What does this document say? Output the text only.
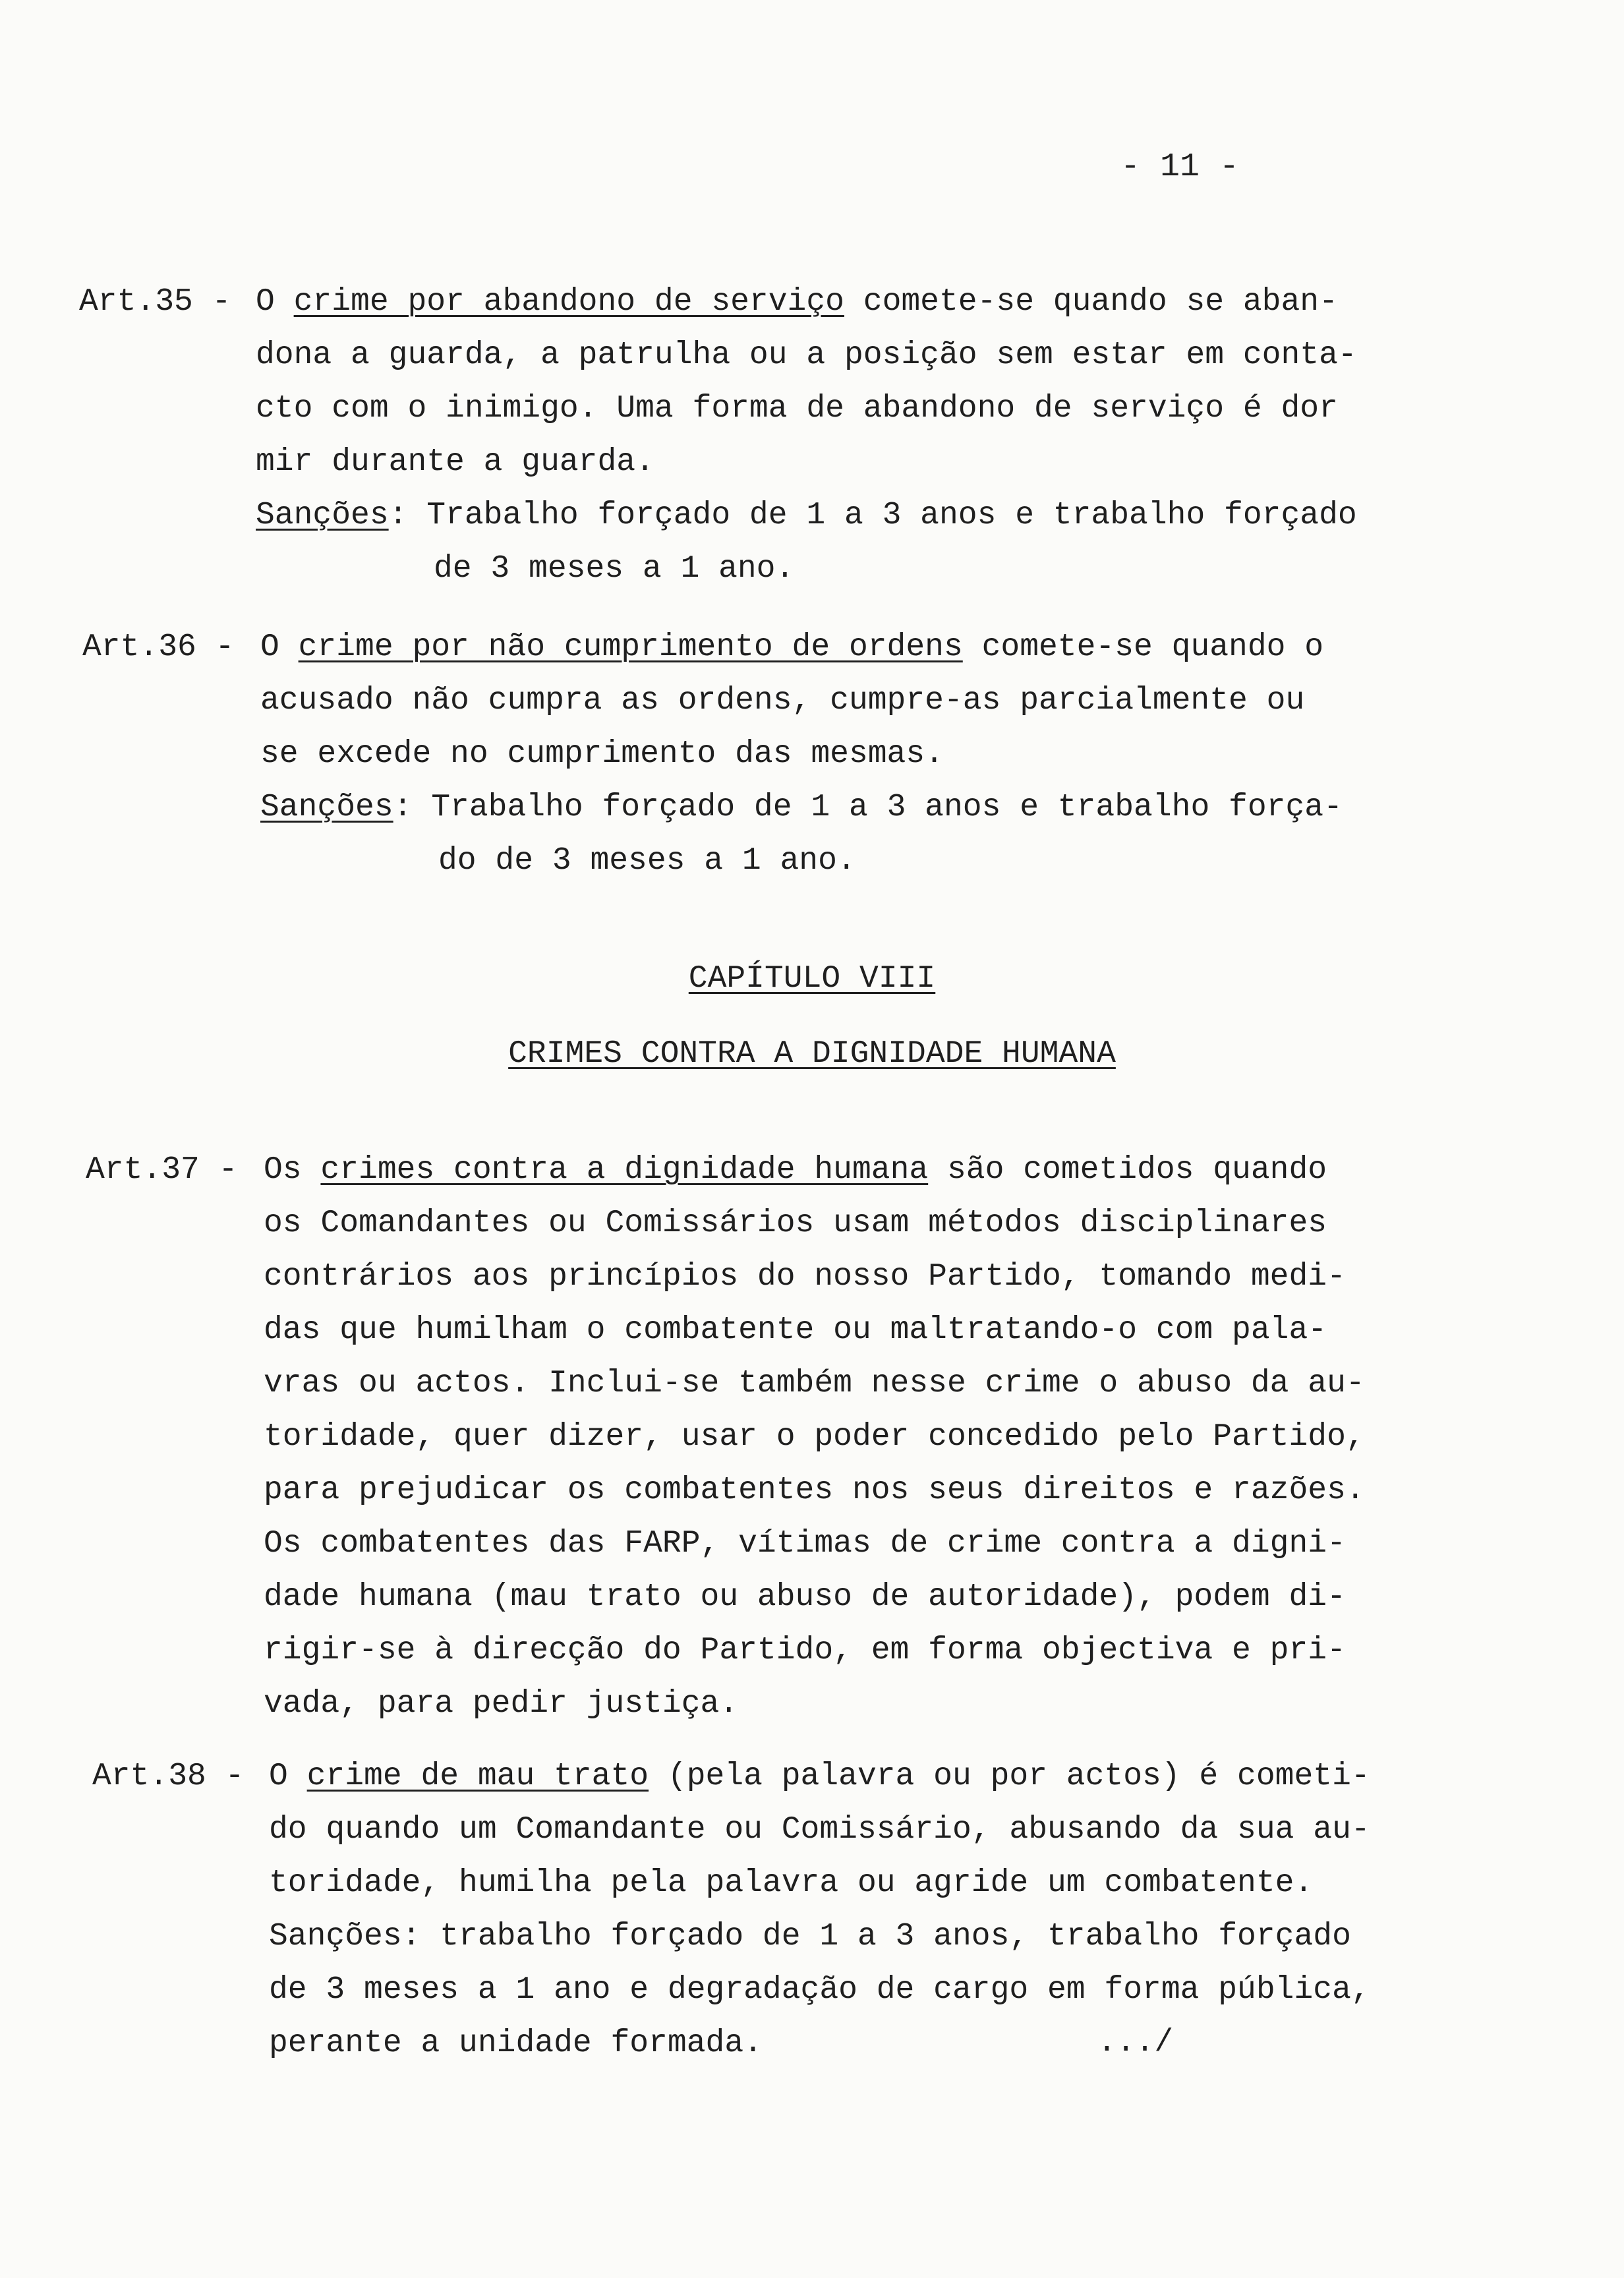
- 11 -
Art.35 - O crime por abandono de serviço comete-se quando se aban-
dona a guarda, a patrulha ou a posição sem estar em conta-
cto com o inimigo. Uma forma de abandono de serviço é dor
mir durante a guarda.
Sanções: Trabalho forçado de 1 a 3 anos e trabalho forçado
de 3 meses a 1 ano.
Art.36 - O crime por não cumprimento de ordens comete-se quando o
acusado não cumpra as ordens, cumpre-as parcialmente ou
se excede no cumprimento das mesmas.
Sanções: Trabalho forçado de 1 a 3 anos e trabalho força-
do de 3 meses a 1 ano.
CAPÍTULO VIII
CRIMES CONTRA A DIGNIDADE HUMANA
Art.37 - Os crimes contra a dignidade humana são cometidos quando
os Comandantes ou Comissários usam métodos disciplinares
contrários aos princípios do nosso Partido, tomando medi-
das que humilham o combatente ou maltratando-o com pala-
vras ou actos. Inclui-se também nesse crime o abuso da au-
toridade, quer dizer, usar o poder concedido pelo Partido,
para prejudicar os combatentes nos seus direitos e razões.
Os combatentes das FARP, vítimas de crime contra a digni-
dade humana (mau trato ou abuso de autoridade), podem di-
rigir-se à direcção do Partido, em forma objectiva e pri-
vada, para pedir justiça.
Art.38 - O crime de mau trato (pela palavra ou por actos) é cometi-
do quando um Comandante ou Comissário, abusando da sua au-
toridade, humilha pela palavra ou agride um combatente.
Sanções: trabalho forçado de 1 a 3 anos, trabalho forçado
de 3 meses a 1 ano e degradação de cargo em forma pública,
perante a unidade formada.	.../
